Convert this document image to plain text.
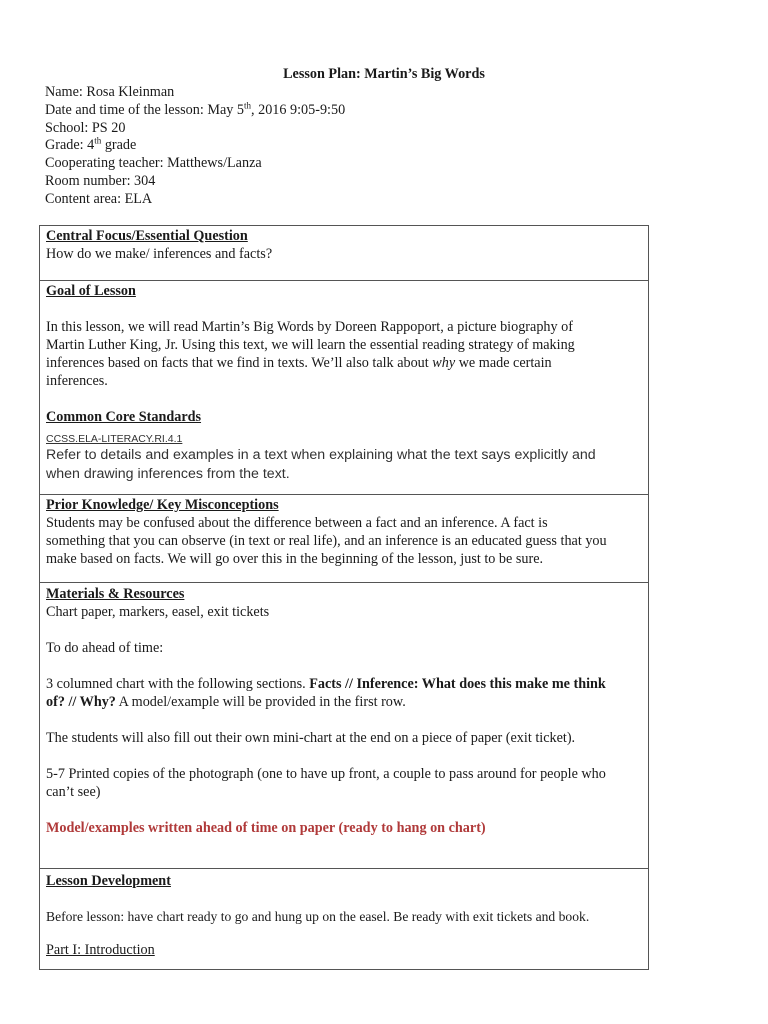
Lesson Plan: Martin’s Big Words
Name: Rosa Kleinman
Date and time of the lesson: May 5th, 2016 9:05-9:50
School: PS 20
Grade: 4th grade
Cooperating teacher: Matthews/Lanza
Room number: 304
Content area: ELA

Central Focus/Essential Question

How do we make/ inferences and facts?

Goal of Lesson

In this lesson, we will read Martin’s Big Words by Doreen Rappoport, a picture biography of

Martin Luther King, Jr. Using this text, we will learn the essential reading strategy of making

inferences based on facts that we find in texts. We’ll also talk about why we made certain

inferences.

Common Core Standards

CCSS.ELA-LITERACY.RI.4.1

Refer to details and examples in a text when explaining what the text says explicitly and

when drawing inferences from the text.

Prior Knowledge/ Key Misconceptions

Students may be confused about the difference between a fact and an inference. A fact is

something that you can observe (in text or real life), and an inference is an educated guess that you

make based on facts. We will go over this in the beginning of the lesson, just to be sure.

Materials & Resources

Chart paper, markers, easel, exit tickets

To do ahead of time:

3 columned chart with the following sections. Facts // Inference: What does this make me think

of? // Why? A model/example will be provided in the first row.

The students will also fill out their own mini-chart at the end on a piece of paper (exit ticket).

5-7 Printed copies of the photograph (one to have up front, a couple to pass around for people who

can’t see)

Model/examples written ahead of time on paper (ready to hang on chart)

Lesson Development

Before lesson: have chart ready to go and hung up on the easel. Be ready with exit tickets and book.

Part I: Introduction
